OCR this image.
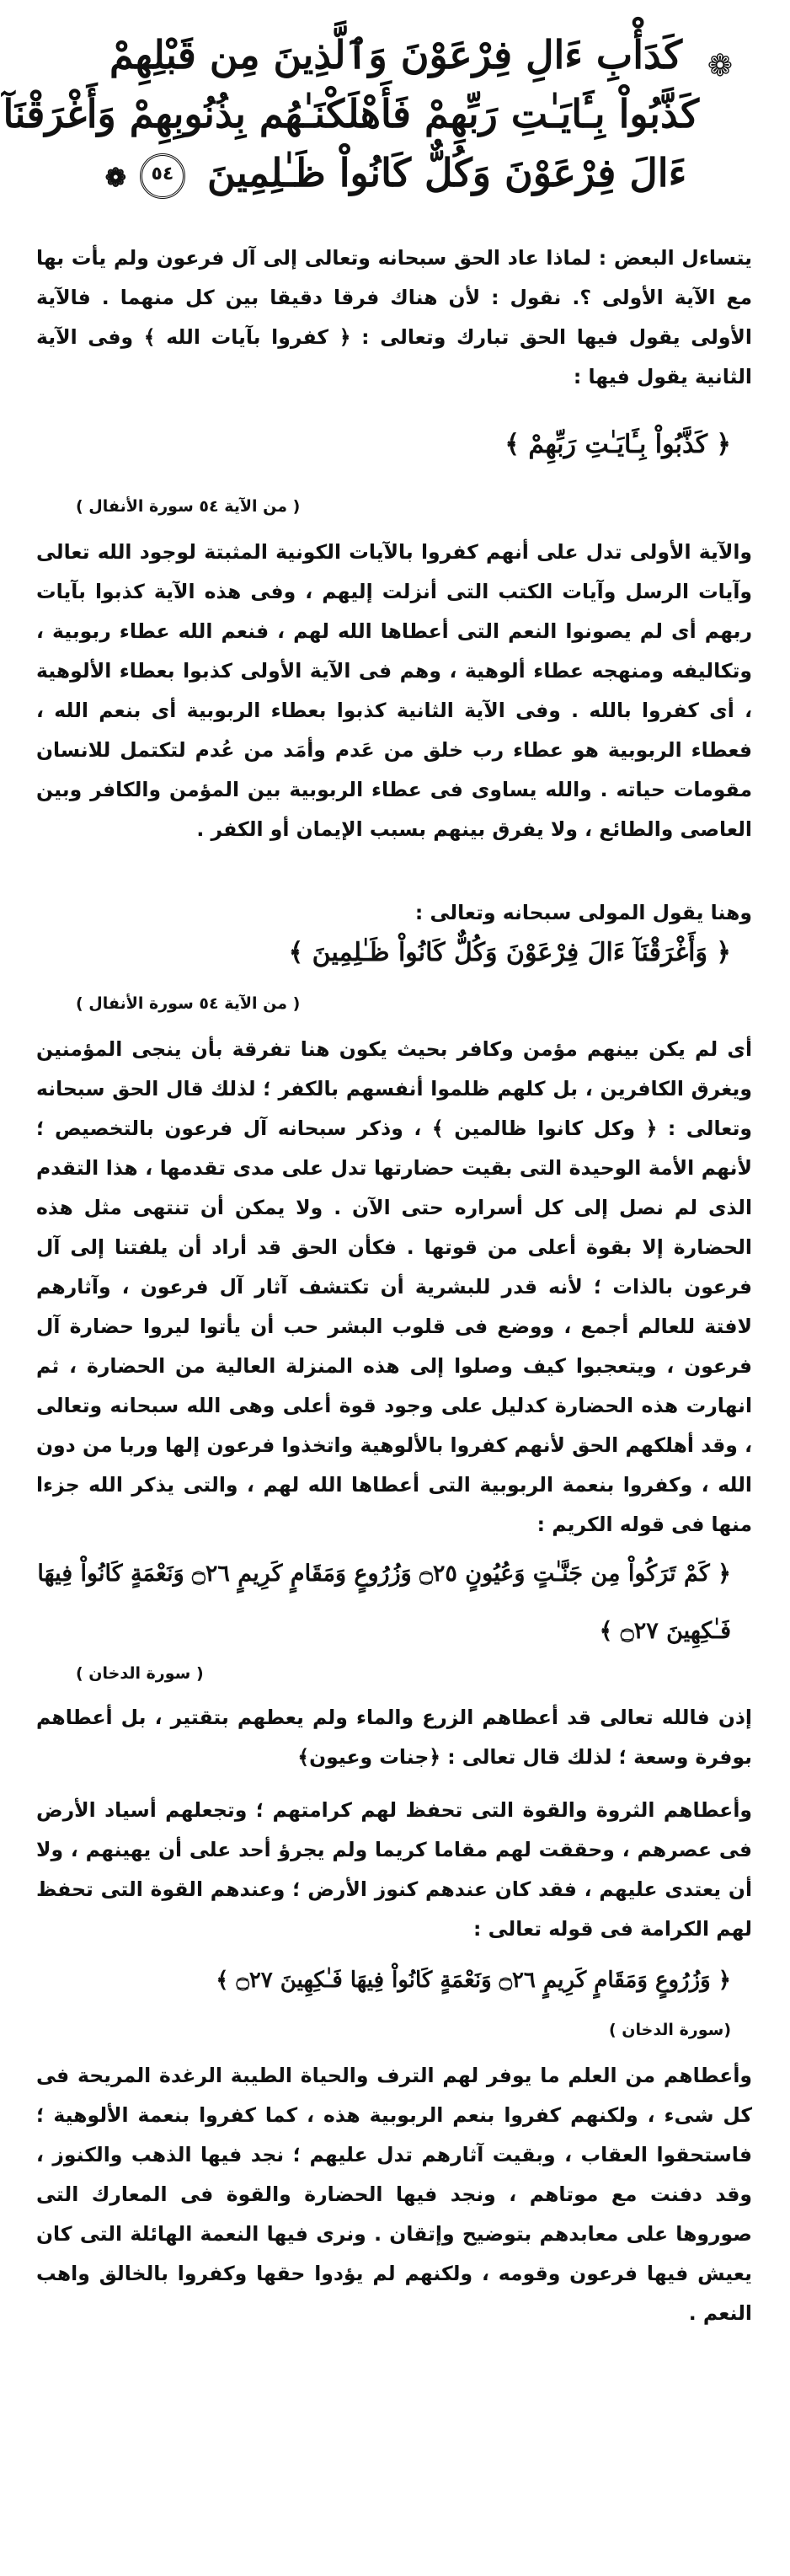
❁
كَدَأْبِ ءَالِ فِرْعَوْنَ وَٱلَّذِينَ مِن قَبْلِهِمْ
كَذَّبُواْ بِـَٔايَـٰتِ رَبِّهِمْ فَأَهْلَكْنَـٰهُم بِذُنُوبِهِمْ وَأَغْرَقْنَآ
ءَالَ فِرْعَوْنَ وَكُلٌّ كَانُواْ ظَـٰلِمِينَ ٥٤ ❁
يتساءل البعض : لماذا عاد الحق سبحانه وتعالى إلى آل فرعون ولم يأت بها مع الآية الأولى ؟. نقول : لأن هناك فرقا دقيقا بين كل منهما . فالآية الأولى يقول فيها الحق تبارك وتعالى : ﴿ كفروا بآيات الله ﴾ وفى الآية الثانية يقول فيها :
﴿ كَذَّبُواْ بِـَٔايَـٰتِ رَبِّهِمْ ﴾
( من الآية ٥٤ سورة الأنفال )
والآية الأولى تدل على أنهم كفروا بالآيات الكونية المثبتة لوجود الله تعالى وآيات الرسل وآيات الكتب التى أنزلت إليهم ، وفى هذه الآية كذبوا بآيات ربهم أى لم يصونوا النعم التى أعطاها الله لهم ، فنعم الله عطاء ربوبية ، وتكاليفه ومنهجه عطاء ألوهية ، وهم فى الآية الأولى كذبوا بعطاء الألوهية ، أى كفروا بالله . وفى الآية الثانية كذبوا بعطاء الربوبية أى بنعم الله ، فعطاء الربوبية هو عطاء رب خلق من عَدم وأمَد من عُدم لتكتمل للانسان مقومات حياته . والله يساوى فى عطاء الربوبية بين المؤمن والكافر وبين العاصى والطائع ، ولا يفرق بينهم بسبب الإيمان أو الكفر .
وهنا يقول المولى سبحانه وتعالى :
﴿ وَأَغْرَقْنَآ ءَالَ فِرْعَوْنَ وَكُلٌّ كَانُواْ ظَـٰلِمِينَ ﴾
( من الآية ٥٤ سورة الأنفال )
أى لم يكن بينهم مؤمن وكافر بحيث يكون هنا تفرقة بأن ينجى المؤمنين ويغرق الكافرين ، بل كلهم ظلموا أنفسهم بالكفر ؛ لذلك قال الحق سبحانه وتعالى : ﴿ وكل كانوا ظالمين ﴾ ، وذكر سبحانه آل فرعون بالتخصيص ؛ لأنهم الأمة الوحيدة التى بقيت حضارتها تدل على مدى تقدمها ، هذا التقدم الذى لم نصل إلى كل أسراره حتى الآن . ولا يمكن أن تنتهى مثل هذه الحضارة إلا بقوة أعلى من قوتها . فكأن الحق قد أراد أن يلفتنا إلى آل فرعون بالذات ؛ لأنه قدر للبشرية أن تكتشف آثار آل فرعون ، وآثارهم لافتة للعالم أجمع ، ووضع فى قلوب البشر حب أن يأتوا ليروا حضارة آل فرعون ، ويتعجبوا كيف وصلوا إلى هذه المنزلة العالية من الحضارة ، ثم انهارت هذه الحضارة كدليل على وجود قوة أعلى وهى الله سبحانه وتعالى ، وقد أهلكهم الحق لأنهم كفروا بالألوهية واتخذوا فرعون إلها وربا من دون الله ، وكفروا بنعمة الربوبية التى أعطاها الله لهم ، والتى يذكر الله جزءا منها فى قوله الكريم :
﴿ كَمْ تَرَكُواْ مِن جَنَّـٰتٍ وَعُيُونٍ ۝٢٥ وَزُرُوعٍ وَمَقَامٍ كَرِيمٍ ۝٢٦ وَنَعْمَةٍ كَانُواْ فِيهَا
فَـٰكِهِينَ ۝٢٧ ﴾
( سورة الدخان )
إذن فالله تعالى قد أعطاهم الزرع والماء ولم يعطهم بتقتير ، بل أعطاهم بوفرة وسعة ؛ لذلك قال تعالى : ﴿جنات وعيون﴾
وأعطاهم الثروة والقوة التى تحفظ لهم كرامتهم ؛ وتجعلهم أسياد الأرض فى عصرهم ، وحققت لهم مقاما كريما ولم يجرؤ أحد على أن يهينهم ، ولا أن يعتدى عليهم ، فقد كان عندهم كنوز الأرض ؛ وعندهم القوة التى تحفظ لهم الكرامة فى قوله تعالى :
﴿ وَزُرُوعٍ وَمَقَامٍ كَرِيمٍ ۝٢٦ وَنَعْمَةٍ كَانُواْ فِيهَا فَـٰكِهِينَ ۝٢٧ ﴾
(سورة الدخان )
وأعطاهم من العلم ما يوفر لهم الترف والحياة الطيبة الرغدة المريحة فى كل شىء ، ولكنهم كفروا بنعم الربوبية هذه ، كما كفروا بنعمة الألوهية ؛ فاستحقوا العقاب ، وبقيت آثارهم تدل عليهم ؛ نجد فيها الذهب والكنوز ، وقد دفنت مع موتاهم ، ونجد فيها الحضارة والقوة فى المعارك التى صوروها على معابدهم بتوضيح وإتقان . ونرى فيها النعمة الهائلة التى كان يعيش فيها فرعون وقومه ، ولكنهم لم يؤدوا حقها وكفروا بالخالق واهب النعم .
